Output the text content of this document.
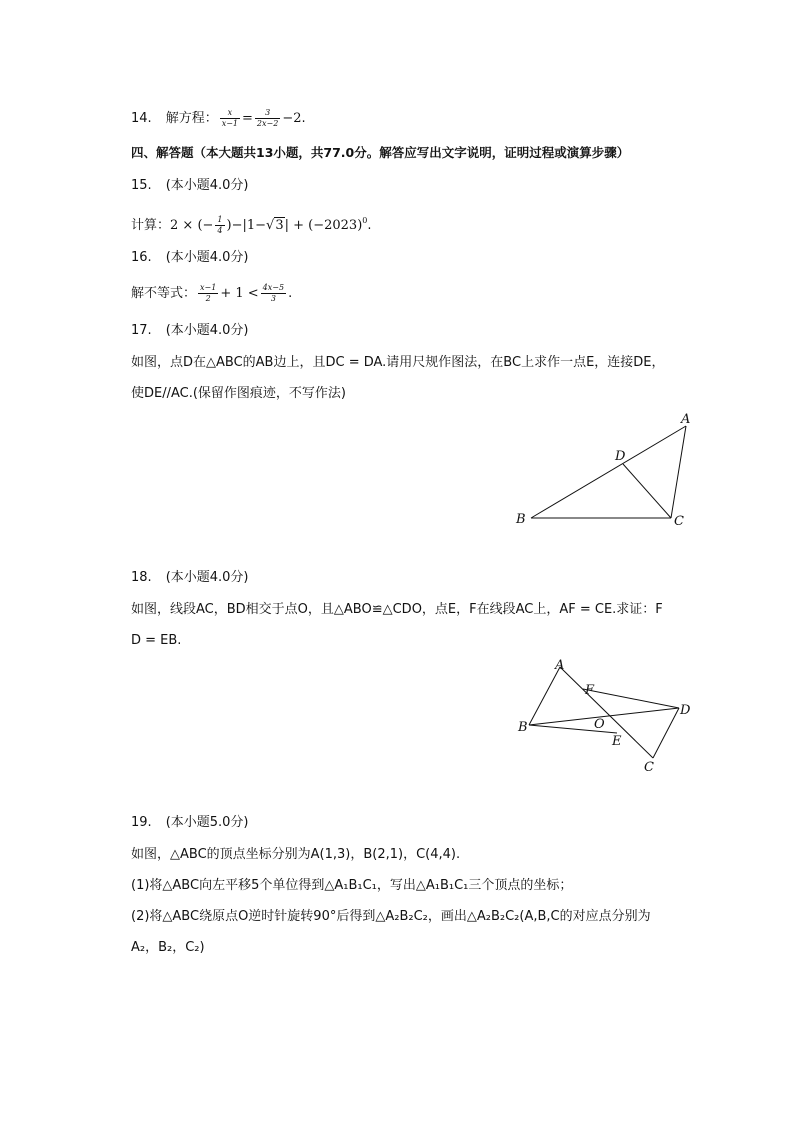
14. 解方程： $\frac{x}{x-1} = \frac{3}{2x-2} -2$.
四、解答题（本大题共13小题，共77.0分。解答应写出文字说明，证明过程或演算步骤）
15. (本小题4.0分)
计算：2 × (− $\frac{1}{4} )-|1-√3| + (-2023)^0$.
16. (本小题4.0分)
解不等式： $\frac{x-1}{2} + 1 < \frac{4x-5}{3}$ .
17. (本小题4.0分)
如图，点D在△ABC的AB边上，且DC = DA.请用尺规作图法，在BC上求作一点E，连接DE，
使DE//AC.(保留作图痕迹，不写作法)
A
B	C
D
18. (本小题4.0分)
如图，线段AC，BD相交于点O，且△ABO≌△CDO，点E，F在线段AC上，AF = CE.求证：F
D = EB.
A
B
C
D
E
F
O
19. (本小题5.0分)
如图，△ABC的顶点坐标分别为A(1,3)，B(2,1)，C(4,4).
(1)将△ABC向左平移5个单位得到△A₁B₁C₁，写出△A₁B₁C₁三个顶点的坐标；
(2)将△ABC绕原点O逆时针旋转90°后得到△A₂B₂C₂，画出△A₂B₂C₂(A,B,C的对应点分别为
A₂，B₂，C₂)
